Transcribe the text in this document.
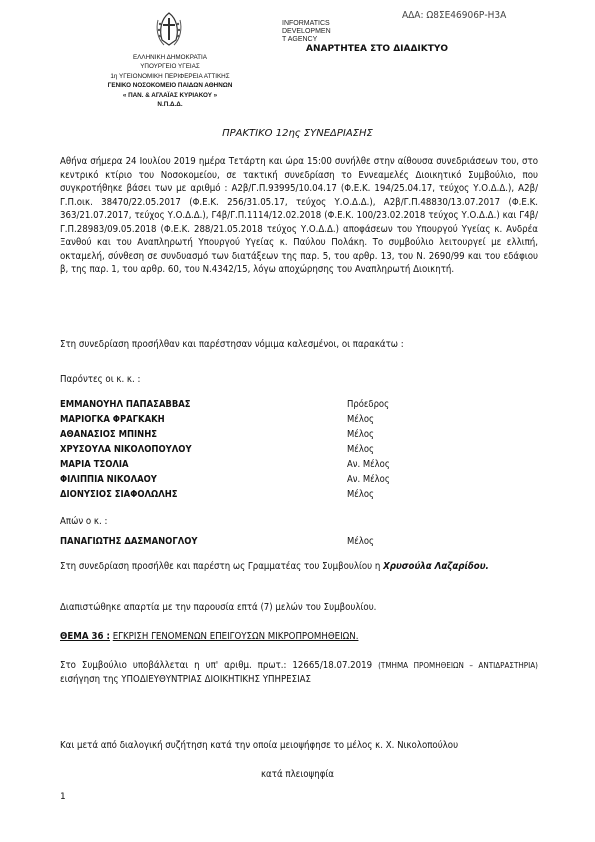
ΑΔΑ: Ω8ΣΕ46906Ρ-Η3Α
INFORMATICS
DEVELOPMEN
T AGENCY
ΑΝΑΡΤΗΤΕΑ ΣΤΟ ΔΙΑΔΙΚΤΥΟ
ΕΛΛΗΝΙΚΗ ΔΗΜΟΚΡΑΤΙΑ
ΥΠΟΥΡΓΕΙΟ ΥΓΕΙΑΣ
1η ΥΓΕΙΟΝΟΜΙΚΗ ΠΕΡΙΦΕΡΕΙΑ ΑΤΤΙΚΗΣ
ΓΕΝΙΚΟ ΝΟΣΟΚΟΜΕΙΟ ΠΑΙΔΩΝ ΑΘΗΝΩΝ
« ΠΑΝ. & ΑΓΛΑΪΑΣ ΚΥΡΙΑΚΟΥ »
Ν.Π.Δ.Δ.
ΠΡΑΚΤΙΚΟ 12ης ΣΥΝΕΔΡΙΑΣΗΣ
Αθήνα σήμερα 24 Ιουλίου 2019 ημέρα Τετάρτη και ώρα 15:00 συνήλθε στην αίθουσα συνεδριάσεων του, στο κεντρικό κτίριο του Νοσοκομείου, σε τακτική συνεδρίαση το Εννεαμελές Διοικητικό Συμβούλιο, που συγκροτήθηκε βάσει των με αριθμό : Α2β/Γ.Π.93995/10.04.17 (Φ.Ε.Κ. 194/25.04.17, τεύχος Υ.Ο.Δ.Δ.), Α2β/Γ.Π.οικ. 38470/22.05.2017 (Φ.Ε.Κ. 256/31.05.17, τεύχος Υ.Ο.Δ.Δ.), Α2β/Γ.Π.48830/13.07.2017 (Φ.Ε.Κ. 363/21.07.2017, τεύχος Υ.Ο.Δ.Δ.), Γ4β/Γ.Π.1114/12.02.2018 (Φ.Ε.Κ. 100/23.02.2018 τεύχος Υ.Ο.Δ.Δ.) και Γ4β/Γ.Π.28983/09.05.2018 (Φ.Ε.Κ. 288/21.05.2018 τεύχος Υ.Ο.Δ.Δ.) αποφάσεων του Υπουργού Υγείας κ. Ανδρέα Ξανθού και του Αναπληρωτή Υπουργού Υγείας κ. Παύλου Πολάκη. Το συμβούλιο λειτουργεί με ελλιπή, οκταμελή, σύνθεση σε συνδυασμό των διατάξεων της παρ. 5, του αρθρ. 13, του Ν. 2690/99 και του εδάφιου β, της παρ. 1, του αρθρ. 60, του Ν.4342/15, λόγω αποχώρησης του Αναπληρωτή Διοικητή.
Στη συνεδρίαση προσήλθαν και παρέστησαν νόμιμα καλεσμένοι, οι παρακάτω :
Παρόντες οι κ. κ. :
ΕΜΜΑΝΟΥΗΛ ΠΑΠΑΣΑΒΒΑΣ	Πρόεδρος
ΜΑΡΙΟΓΚΑ ΦΡΑΓΚΑΚΗ	Μέλος
ΑΘΑΝΑΣΙΟΣ ΜΠΙΝΗΣ	Μέλος
ΧΡΥΣΟΥΛΑ ΝΙΚΟΛΟΠΟΥΛΟΥ	Μέλος
ΜΑΡΙΑ ΤΣΟΛΙΑ	Αν. Μέλος
ΦΙΛΙΠΠΙΑ ΝΙΚΟΛΑΟΥ	Αν. Μέλος
ΔΙΟΝΥΣΙΟΣ ΣΙΑΦΟΛΩΛΗΣ	Μέλος
Απών ο κ. :
ΠΑΝΑΓΙΩΤΗΣ ΔΑΣΜΑΝΟΓΛΟΥ	Μέλος
Στη συνεδρίαση προσήλθε και παρέστη ως Γραμματέας του Συμβουλίου η Χρυσούλα Λαζαρίδου.
Διαπιστώθηκε απαρτία με την παρουσία επτά (7) μελών του Συμβουλίου.
ΘΕΜΑ 36 : ΕΓΚΡΙΣΗ ΓΕΝΟΜΕΝΩΝ ΕΠΕΙΓΟΥΣΩΝ ΜΙΚΡΟΠΡΟΜΗΘΕΙΩΝ.
Στο Συμβούλιο υποβάλλεται η υπ' αριθμ. πρωτ.: 12665/18.07.2019 (ΤΜΗΜΑ ΠΡΟΜΗΘΕΙΩΝ – ΑΝΤΙΔΡΑΣΤΗΡΙΑ) εισήγηση της ΥΠΟΔΙΕΥΘΥΝΤΡΙΑΣ ΔΙΟΙΚΗΤΙΚΗΣ ΥΠΗΡΕΣΙΑΣ
Και μετά από διαλογική συζήτηση κατά την οποία μειοψήφησε το μέλος κ. Χ. Νικολοπούλου
κατά πλειοψηφία
1
